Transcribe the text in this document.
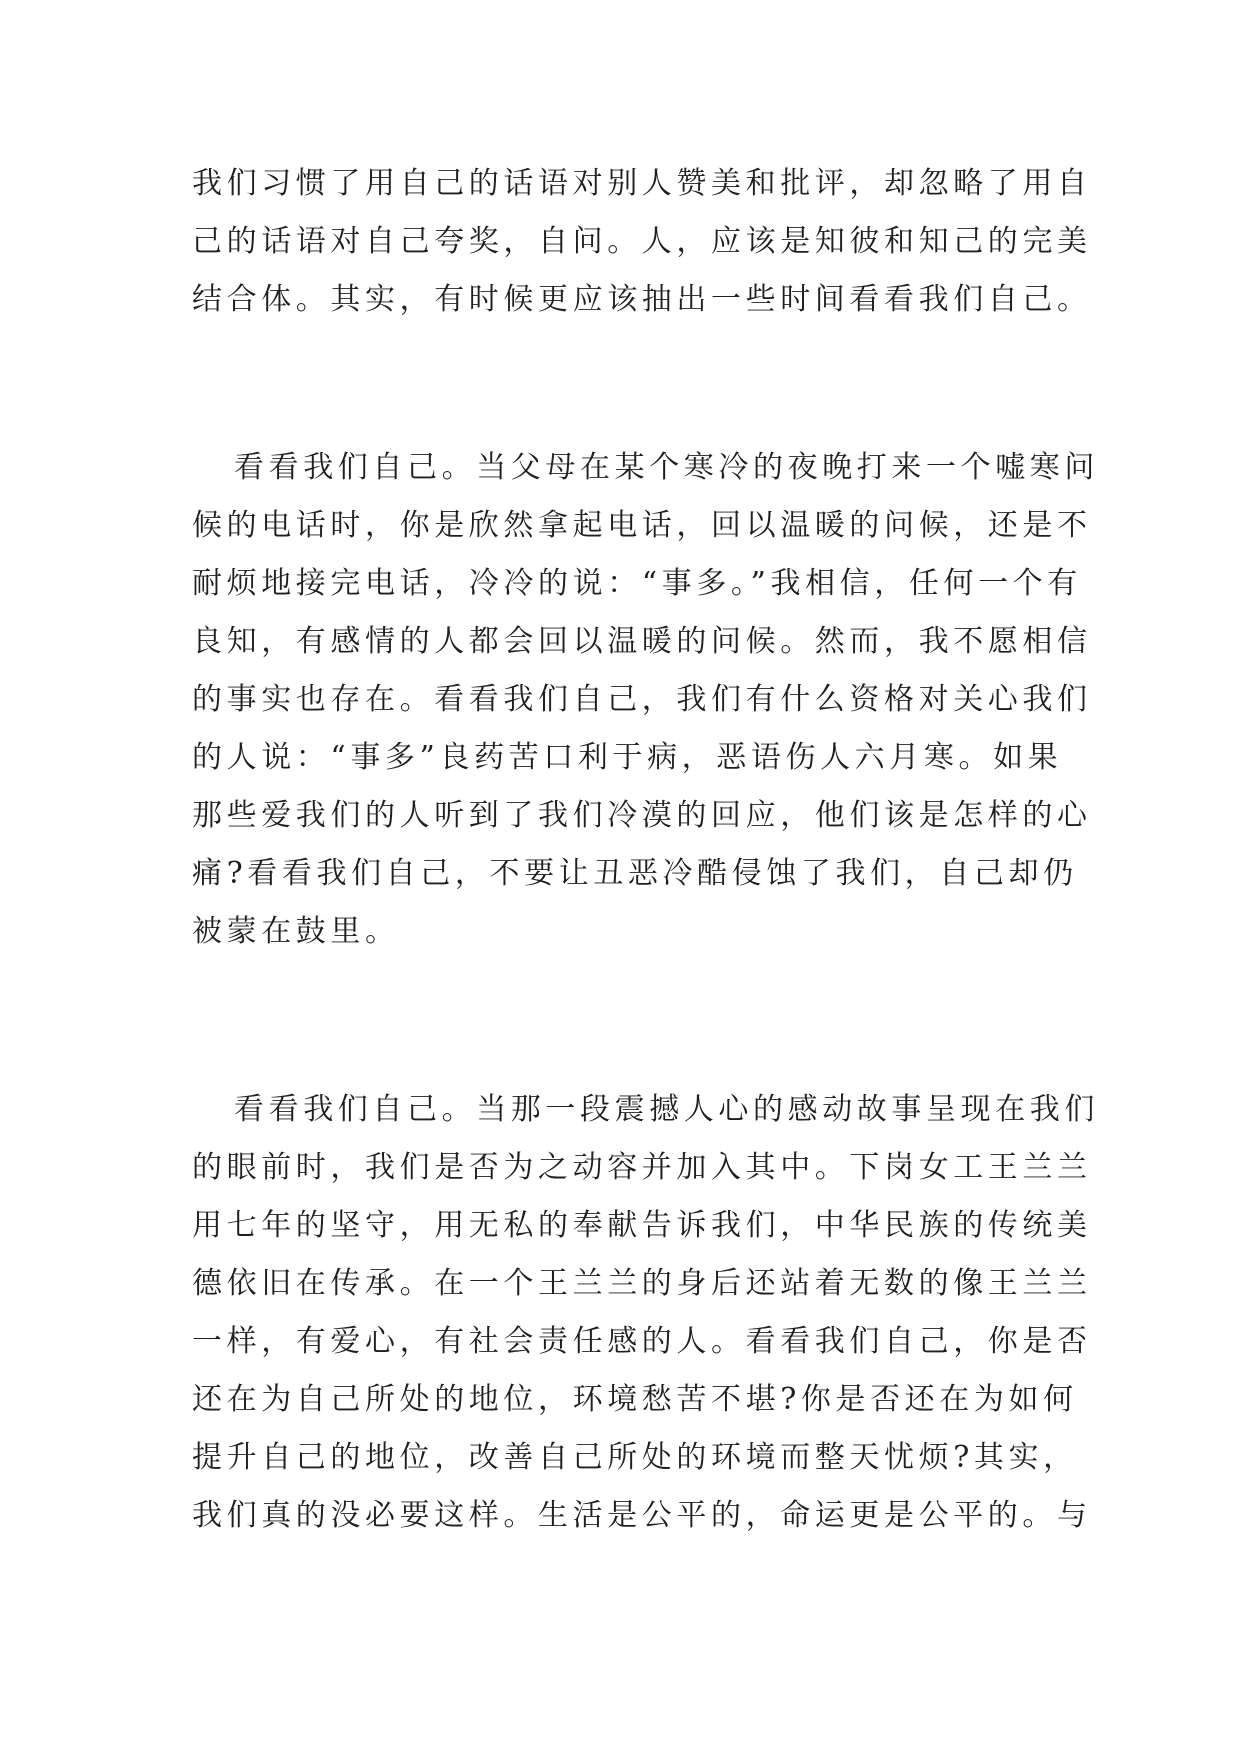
我们习惯了用自己的话语对别人赞美和批评，却忽略了用自

己的话语对自己夸奖，自问。人，应该是知彼和知己的完美

结合体。其实，有时候更应该抽出一些时间看看我们自己。

看看我们自己。当父母在某个寒冷的夜晚打来一个嘘寒问

候的电话时，你是欣然拿起电话，回以温暖的问候，还是不

耐烦地接完电话，冷冷的说：“事多。”我相信，任何一个有

良知，有感情的人都会回以温暖的问候。然而，我不愿相信

的事实也存在。看看我们自己，我们有什么资格对关心我们

的人说：“事多”良药苦口利于病，恶语伤人六月寒。如果

那些爱我们的人听到了我们冷漠的回应，他们该是怎样的心

痛?看看我们自己，不要让丑恶冷酷侵蚀了我们，自己却仍

被蒙在鼓里。

看看我们自己。当那一段震撼人心的感动故事呈现在我们

的眼前时，我们是否为之动容并加入其中。下岗女工王兰兰

用七年的坚守，用无私的奉献告诉我们，中华民族的传统美

德依旧在传承。在一个王兰兰的身后还站着无数的像王兰兰

一样，有爱心，有社会责任感的人。看看我们自己，你是否

还在为自己所处的地位，环境愁苦不堪?你是否还在为如何

提升自己的地位，改善自己所处的环境而整天忧烦?其实，

我们真的没必要这样。生活是公平的，命运更是公平的。与
